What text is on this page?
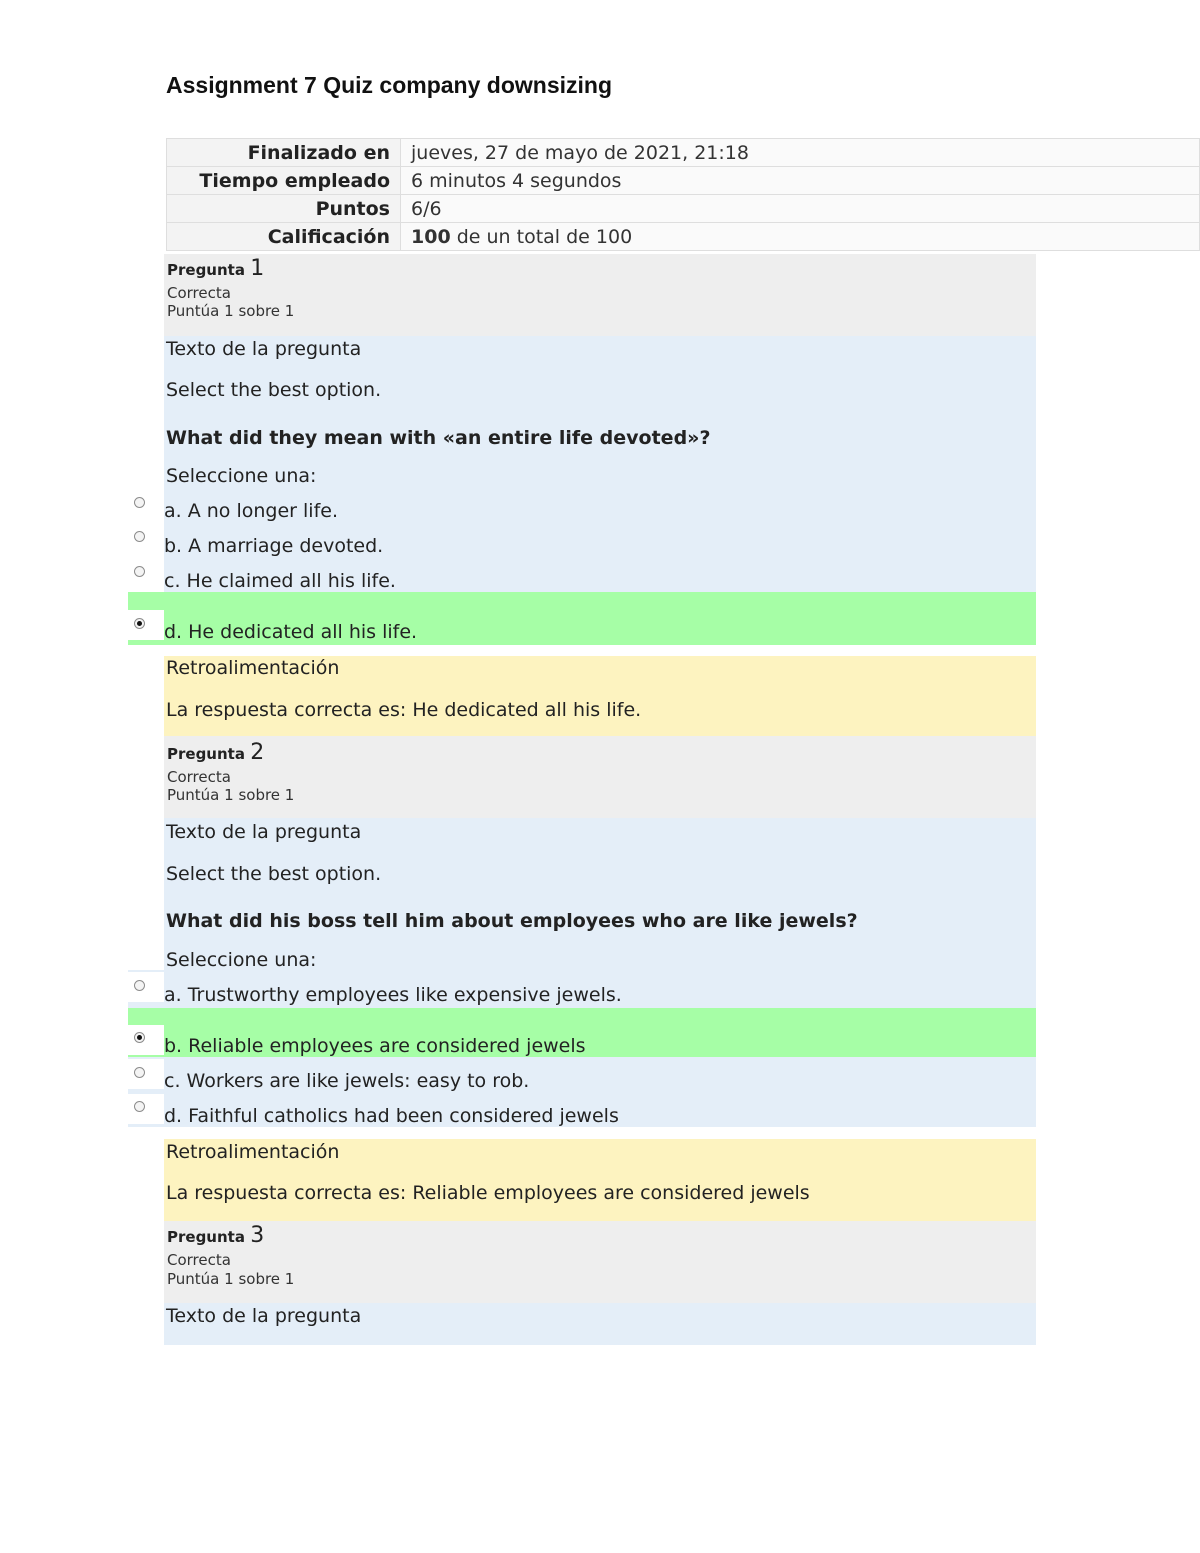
Assignment 7 Quiz company downsizing
Finalizado en	jueves, 27 de mayo de 2021, 21:18
Tiempo empleado	6 minutos 4 segundos
Puntos	6/6
Calificación	100 de un total de 100
Pregunta 1
Correcta
Puntúa 1 sobre 1
Texto de la pregunta
Select the best option.
What did they mean with «an entire life devoted»?
Seleccione una:
a. A no longer life.
b. A marriage devoted.
c. He claimed all his life.
d. He dedicated all his life.
Retroalimentación
La respuesta correcta es: He dedicated all his life.
Pregunta 2
Correcta
Puntúa 1 sobre 1
Texto de la pregunta
Select the best option.
What did his boss tell him about employees who are like jewels?
Seleccione una:
a. Trustworthy employees like expensive jewels.
b. Reliable employees are considered jewels
c. Workers are like jewels: easy to rob.
d. Faithful catholics had been considered jewels
Retroalimentación
La respuesta correcta es: Reliable employees are considered jewels
Pregunta 3
Correcta
Puntúa 1 sobre 1
Texto de la pregunta
